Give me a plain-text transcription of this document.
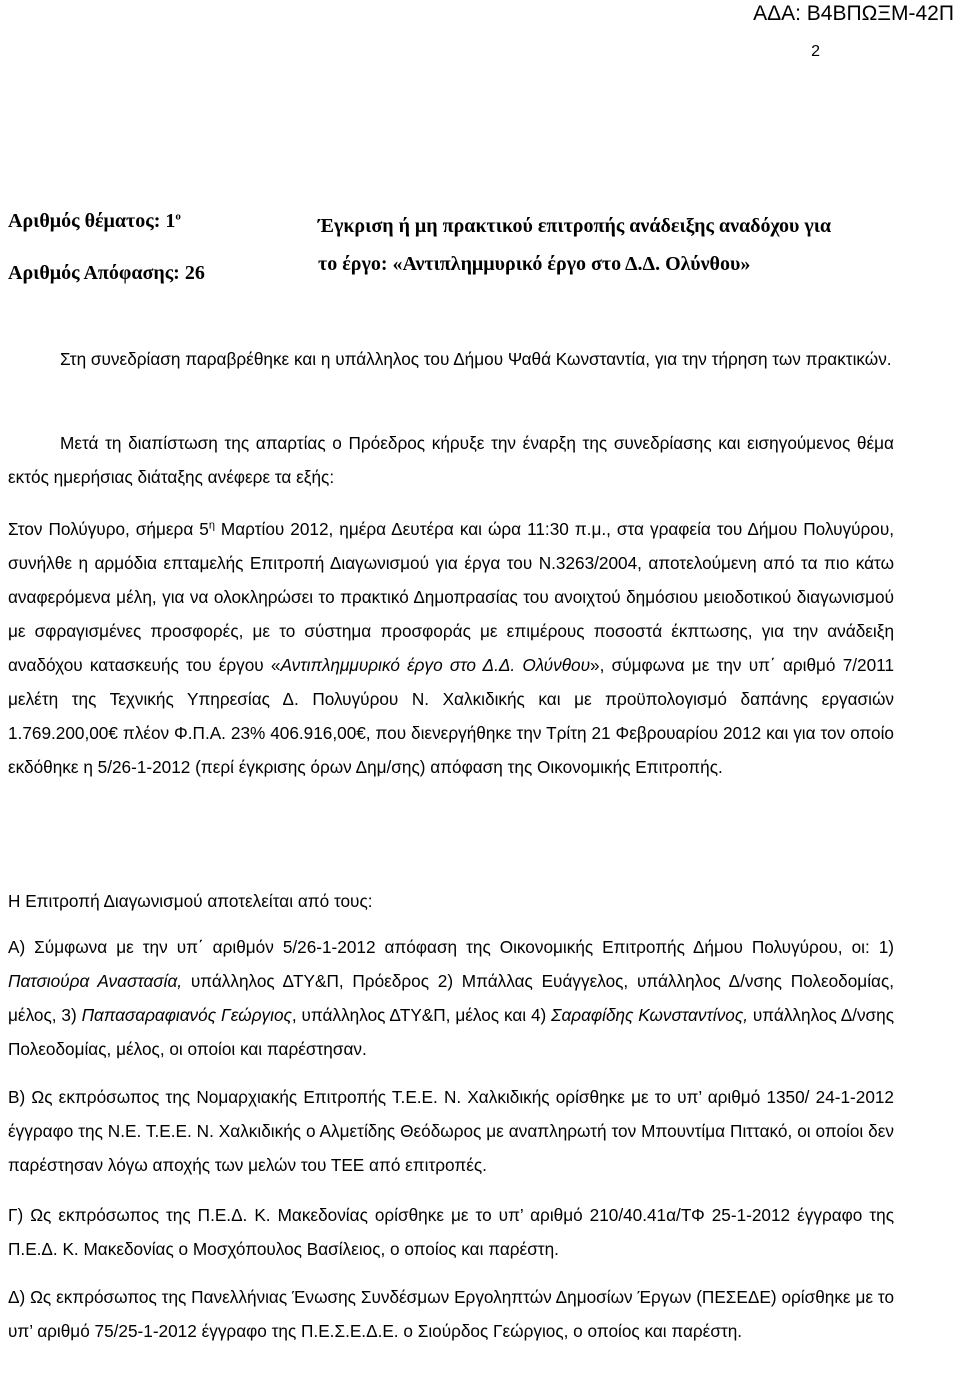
ΑΔΑ: Β4ΒΠΩΞΜ-42Π
2
Αριθμός θέματος: $1^o$
Αριθμός Απόφασης: 26
Έγκριση ή μη πρακτικού επιτροπής ανάδειξης αναδόχου για
το έργο: «Αντιπλημμυρικό έργο στο Δ.Δ. Ολύνθου»
Στη συνεδρίαση παραβρέθηκε και η υπάλληλος του Δήμου Ψαθά Κωνσταντία, για την τήρηση των πρακτικών.
Μετά τη διαπίστωση της απαρτίας ο Πρόεδρος κήρυξε την έναρξη της συνεδρίασης και εισηγούμενος θέμα εκτός ημερήσιας διάταξης ανέφερε τα εξής:
Στον Πολύγυρο, σήμερα $5^\eta$ Μαρτίου 2012, ημέρα Δευτέρα και ώρα 11:30 π.μ., στα γραφεία του Δήμου Πολυγύρου, συνήλθε η αρμόδια επταμελής Επιτροπή Διαγωνισμού για έργα του Ν.3263/2004, αποτελούμενη από τα πιο κάτω αναφερόμενα μέλη, για να ολοκληρώσει το πρακτικό Δημοπρασίας του ανοιχτού δημόσιου μειοδοτικού διαγωνισμού με σφραγισμένες προσφορές, με το σύστημα προσφοράς με επιμέρους ποσοστά έκπτωσης, για την ανάδειξη αναδόχου κατασκευής του έργου «Αντιπλημμυρικό έργο στο Δ.Δ. Ολύνθου», σύμφωνα με την υπ΄ αριθμό 7/2011 μελέτη της Τεχνικής Υπηρεσίας Δ. Πολυγύρου Ν. Χαλκιδικής και με προϋπολογισμό δαπάνης εργασιών 1.769.200,00€ πλέον Φ.Π.Α. 23% 406.916,00€, που διενεργήθηκε την Τρίτη 21 Φεβρουαρίου 2012 και για τον οποίο εκδόθηκε η 5/26-1-2012 (περί έγκρισης όρων Δημ/σης) απόφαση της Οικονομικής Επιτροπής.
Η Επιτροπή Διαγωνισμού αποτελείται από τους:
Α) Σύμφωνα με την υπ΄ αριθμόν 5/26-1-2012 απόφαση της Οικονομικής Επιτροπής Δήμου Πολυγύρου, οι: 1) Πατσιούρα Αναστασία, υπάλληλος ΔΤΥ&Π, Πρόεδρος 2) Μπάλλας Ευάγγελος, υπάλληλος Δ/νσης Πολεοδομίας, μέλος, 3) Παπασαραφιανός Γεώργιος, υπάλληλος ΔΤΥ&Π, μέλος και 4) Σαραφίδης Κωνσταντίνος, υπάλληλος Δ/νσης Πολεοδομίας, μέλος, οι οποίοι και παρέστησαν.
Β) Ως εκπρόσωπος της Νομαρχιακής Επιτροπής Τ.Ε.Ε. Ν. Χαλκιδικής ορίσθηκε με το υπ’ αριθμό 1350/ 24-1-2012 έγγραφο της Ν.Ε. Τ.Ε.Ε. Ν. Χαλκιδικής ο Αλμετίδης Θεόδωρος με αναπληρωτή τον Μπουντίμα Πιττακό, οι οποίοι δεν παρέστησαν λόγω αποχής των μελών του ΤΕΕ από επιτροπές.
Γ) Ως εκπρόσωπος της Π.Ε.Δ. Κ. Μακεδονίας ορίσθηκε με το υπ’ αριθμό 210/40.41α/ΤΦ 25-1-2012 έγγραφο της Π.Ε.Δ. Κ. Μακεδονίας ο Μοσχόπουλος Βασίλειος, ο οποίος και παρέστη.
Δ) Ως εκπρόσωπος της Πανελλήνιας Ένωσης Συνδέσμων Εργοληπτών Δημοσίων Έργων (ΠΕΣΕΔΕ) ορίσθηκε με το υπ’ αριθμό 75/25-1-2012 έγγραφο της Π.Ε.Σ.Ε.Δ.Ε. ο Σιούρδος Γεώργιος, ο οποίος και παρέστη.
